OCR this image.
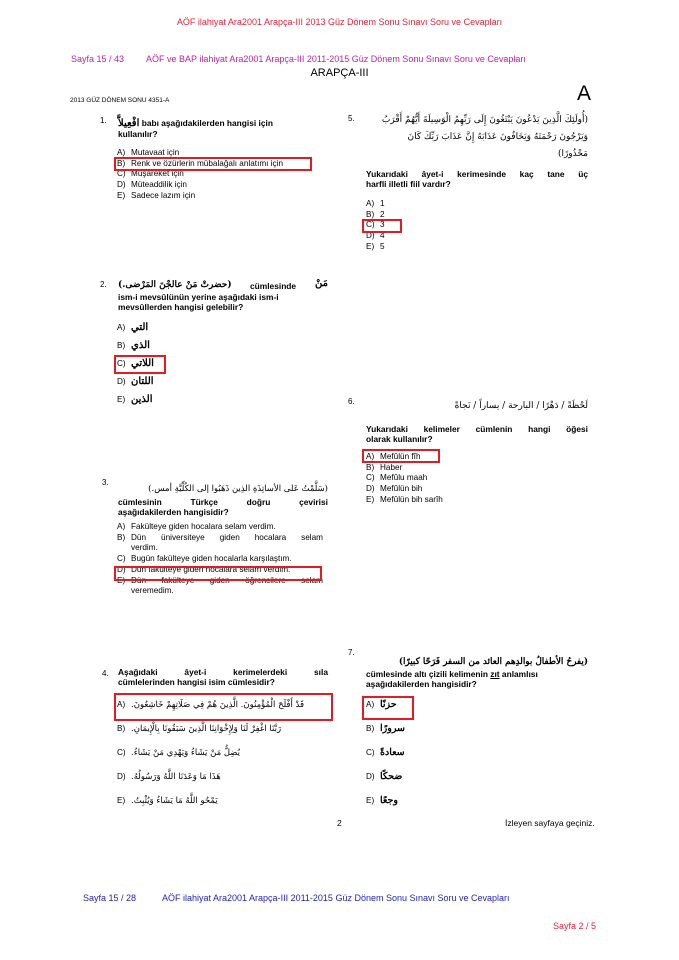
AÖF ilahiyat Ara2001 Arapça-III 2013 Güz Dönem Sonu Sınavı Soru ve Cevapları
Sayfa 15 / 43 AÖF ve BAP ilahiyat Ara2001 Arapça-III 2011-2015 Güz Dönem Sonu Sınavı Soru ve Cevapları
ARAPÇA-III
A
2013 GÜZ DÖNEM SONU 4351-A
1. افْعِيلاَّ babı aşağıdakilerden hangisi için
kullanılır?
A) Mutavaat için
B) Renk ve özürlerin mübalağalı anlatımı için
C) Müşareket için
D) Müteaddilik için
E) Sadece lazım için
2. (حضرتْ مَنْ عالجْنَ المَرْضى.) cümlesinde مَنْ
ism-i mevsûlünün yerine aşağıdaki ism-i
mevsûllerden hangisi gelebilir?
A) التي
B) الذي
C) اللاتي
D) اللتان
E) الذين
3.
(سَلَّمْتُ عَلى الأساتِذَةِ الذِين ذَهَبُوا إلى الكُلِّيَّةِ أمس.)
cümlesinin Türkçe doğru çevirisi
aşağıdakilerden hangisidir?
A) Fakülteye giden hocalara selam verdim.
B) Dün üniversiteye giden hocalara selam
verdim.
C) Bugün fakülteye giden hocalarla karşılaştım.
D) Dün fakülteye giden hocalara selam verdim.
E) Dün fakülteye giden öğrencilere selam
veremedim.
4. Aşağıdaki âyet-i kerimelerdeki sıla
cümlelerinden hangisi isim cümlesidir?
A) قَدْ أَفْلَحَ الْمُؤْمِنُونَ. الَّذِينَ هُمْ فِي صَلَاتِهِمْ خَاشِعُونَ.
B) رَبَّنَا اغْفِرْ لَنَا وَلِإِخْوَانِنَا الَّذِينَ سَبَقُونَا بِالْإِيمَانِ.
C) يُضِلُّ مَنْ يَشَاءُ وَيَهْدِي مَنْ يَشَاءُ.
D) هَذَا مَا وَعَدَنَا اللَّهُ وَرَسُولُهُ.
E) يَمْحُو اللَّهُ مَا يَشَاءُ وَيُثْبِتُ.
5.	(أُولَئِكَ الَّذِينَ يَدْعُونَ يَبْتَغُونَ إِلَى رَبِّهِمُ الْوَسِيلَةَ أَيُّهُمْ أَقْرَبُ
وَيَرْجُونَ رَحْمَتَهُ وَيَخَافُونَ عَذَابَهُ إِنَّ عَذَابَ رَبِّكَ كَانَ
مَحْذُورًا)
Yukarıdaki âyet-i kerimesinde kaç tane üç
harfli illetli fiil vardır?
A) 1
B) 2
C) 3
D) 4
E) 5
6.	لَحْظَةً / دَهْرًا / البارحة / يساراً / نَجاةً
Yukarıdaki kelimeler cümlenin hangi öğesi
olarak kullanılır?
A) Mefûlün fîh
B) Haber
C) Mefûlu maah
D) Mefûlün bih
E) Mefûlün bih sarîh
7.
(يفرحُ الأطفالُ بوالدِهم العائد من السفر فَرَحًا كبيرًا)
cümlesinde altı çizili kelimenin zıt anlamlısı
aşağıdakilerden hangisidir?
A) حزنًا
B) سرورًا
C) سعادةً
D) ضحكًا
E) وجعًا
2	İzleyen sayfaya geçiniz.
Sayfa 15 / 28	AÖF ilahiyat Ara2001 Arapça-III 2011-2015 Güz Dönem Sonu Sınavı Soru ve Cevapları
Sayfa 2 / 5
